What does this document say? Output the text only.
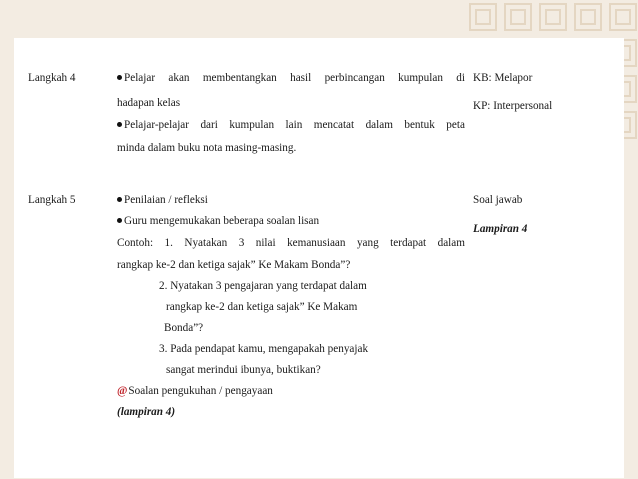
Langkah 4	Pelajar akan membentangkan hasil perbincangan kumpulan di
hadapan kelas
Pelajar-pelajar dari kumpulan lain mencatat dalam bentuk peta
minda dalam buku nota masing-masing.
KB: Melapor
KP: Interpersonal
Langkah 5	Penilaian / refleksi
Guru mengemukakan beberapa soalan lisan
Contoh: 1. Nyatakan 3 nilai kemanusiaan yang terdapat dalam
rangkap ke-2 dan ketiga sajak” Ke Makam Bonda”?
2. Nyatakan 3 pengajaran yang terdapat dalam
rangkap ke-2 dan ketiga sajak” Ke Makam
Bonda”?
3. Pada pendapat kamu, mengapakah penyajak
sangat merindui ibunya, buktikan?
@Soalan pengukuhan / pengayaan
(lampiran 4)
Soal jawab
Lampiran 4
